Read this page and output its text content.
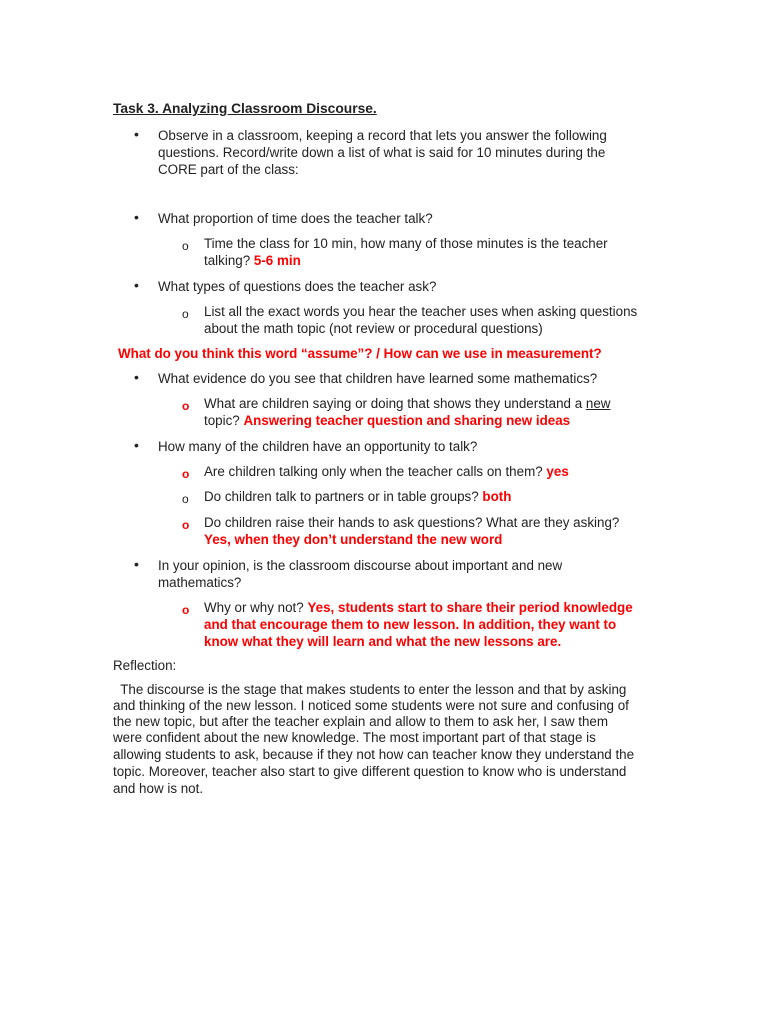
Task 3. Analyzing Classroom Discourse.
• Observe in a classroom, keeping a record that lets you answer the following
questions. Record/write down a list of what is said for 10 minutes during the
CORE part of the class:
• What proportion of time does the teacher talk?
o Time the class for 10 min, how many of those minutes is the teacher
talking? 5-6 min
• What types of questions does the teacher ask?
o List all the exact words you hear the teacher uses when asking questions
about the math topic (not review or procedural questions)
What do you think this word “assume”? / How can we use in measurement?
• What evidence do you see that children have learned some mathematics?
o What are children saying or doing that shows they understand a new
topic? Answering teacher question and sharing new ideas
• How many of the children have an opportunity to talk?
o Are children talking only when the teacher calls on them? yes
o Do children talk to partners or in table groups? both
o Do children raise their hands to ask questions? What are they asking?
Yes, when they don’t understand the new word
• In your opinion, is the classroom discourse about important and new
mathematics?
o Why or why not? Yes, students start to share their period knowledge
and that encourage them to new lesson. In addition, they want to
know what they will learn and what the new lessons are.
Reflection:
The discourse is the stage that makes students to enter the lesson and that by asking
and thinking of the new lesson. I noticed some students were not sure and confusing of
the new topic, but after the teacher explain and allow to them to ask her, I saw them
were confident about the new knowledge. The most important part of that stage is
allowing students to ask, because if they not how can teacher know they understand the
topic. Moreover, teacher also start to give different question to know who is understand
and how is not.
